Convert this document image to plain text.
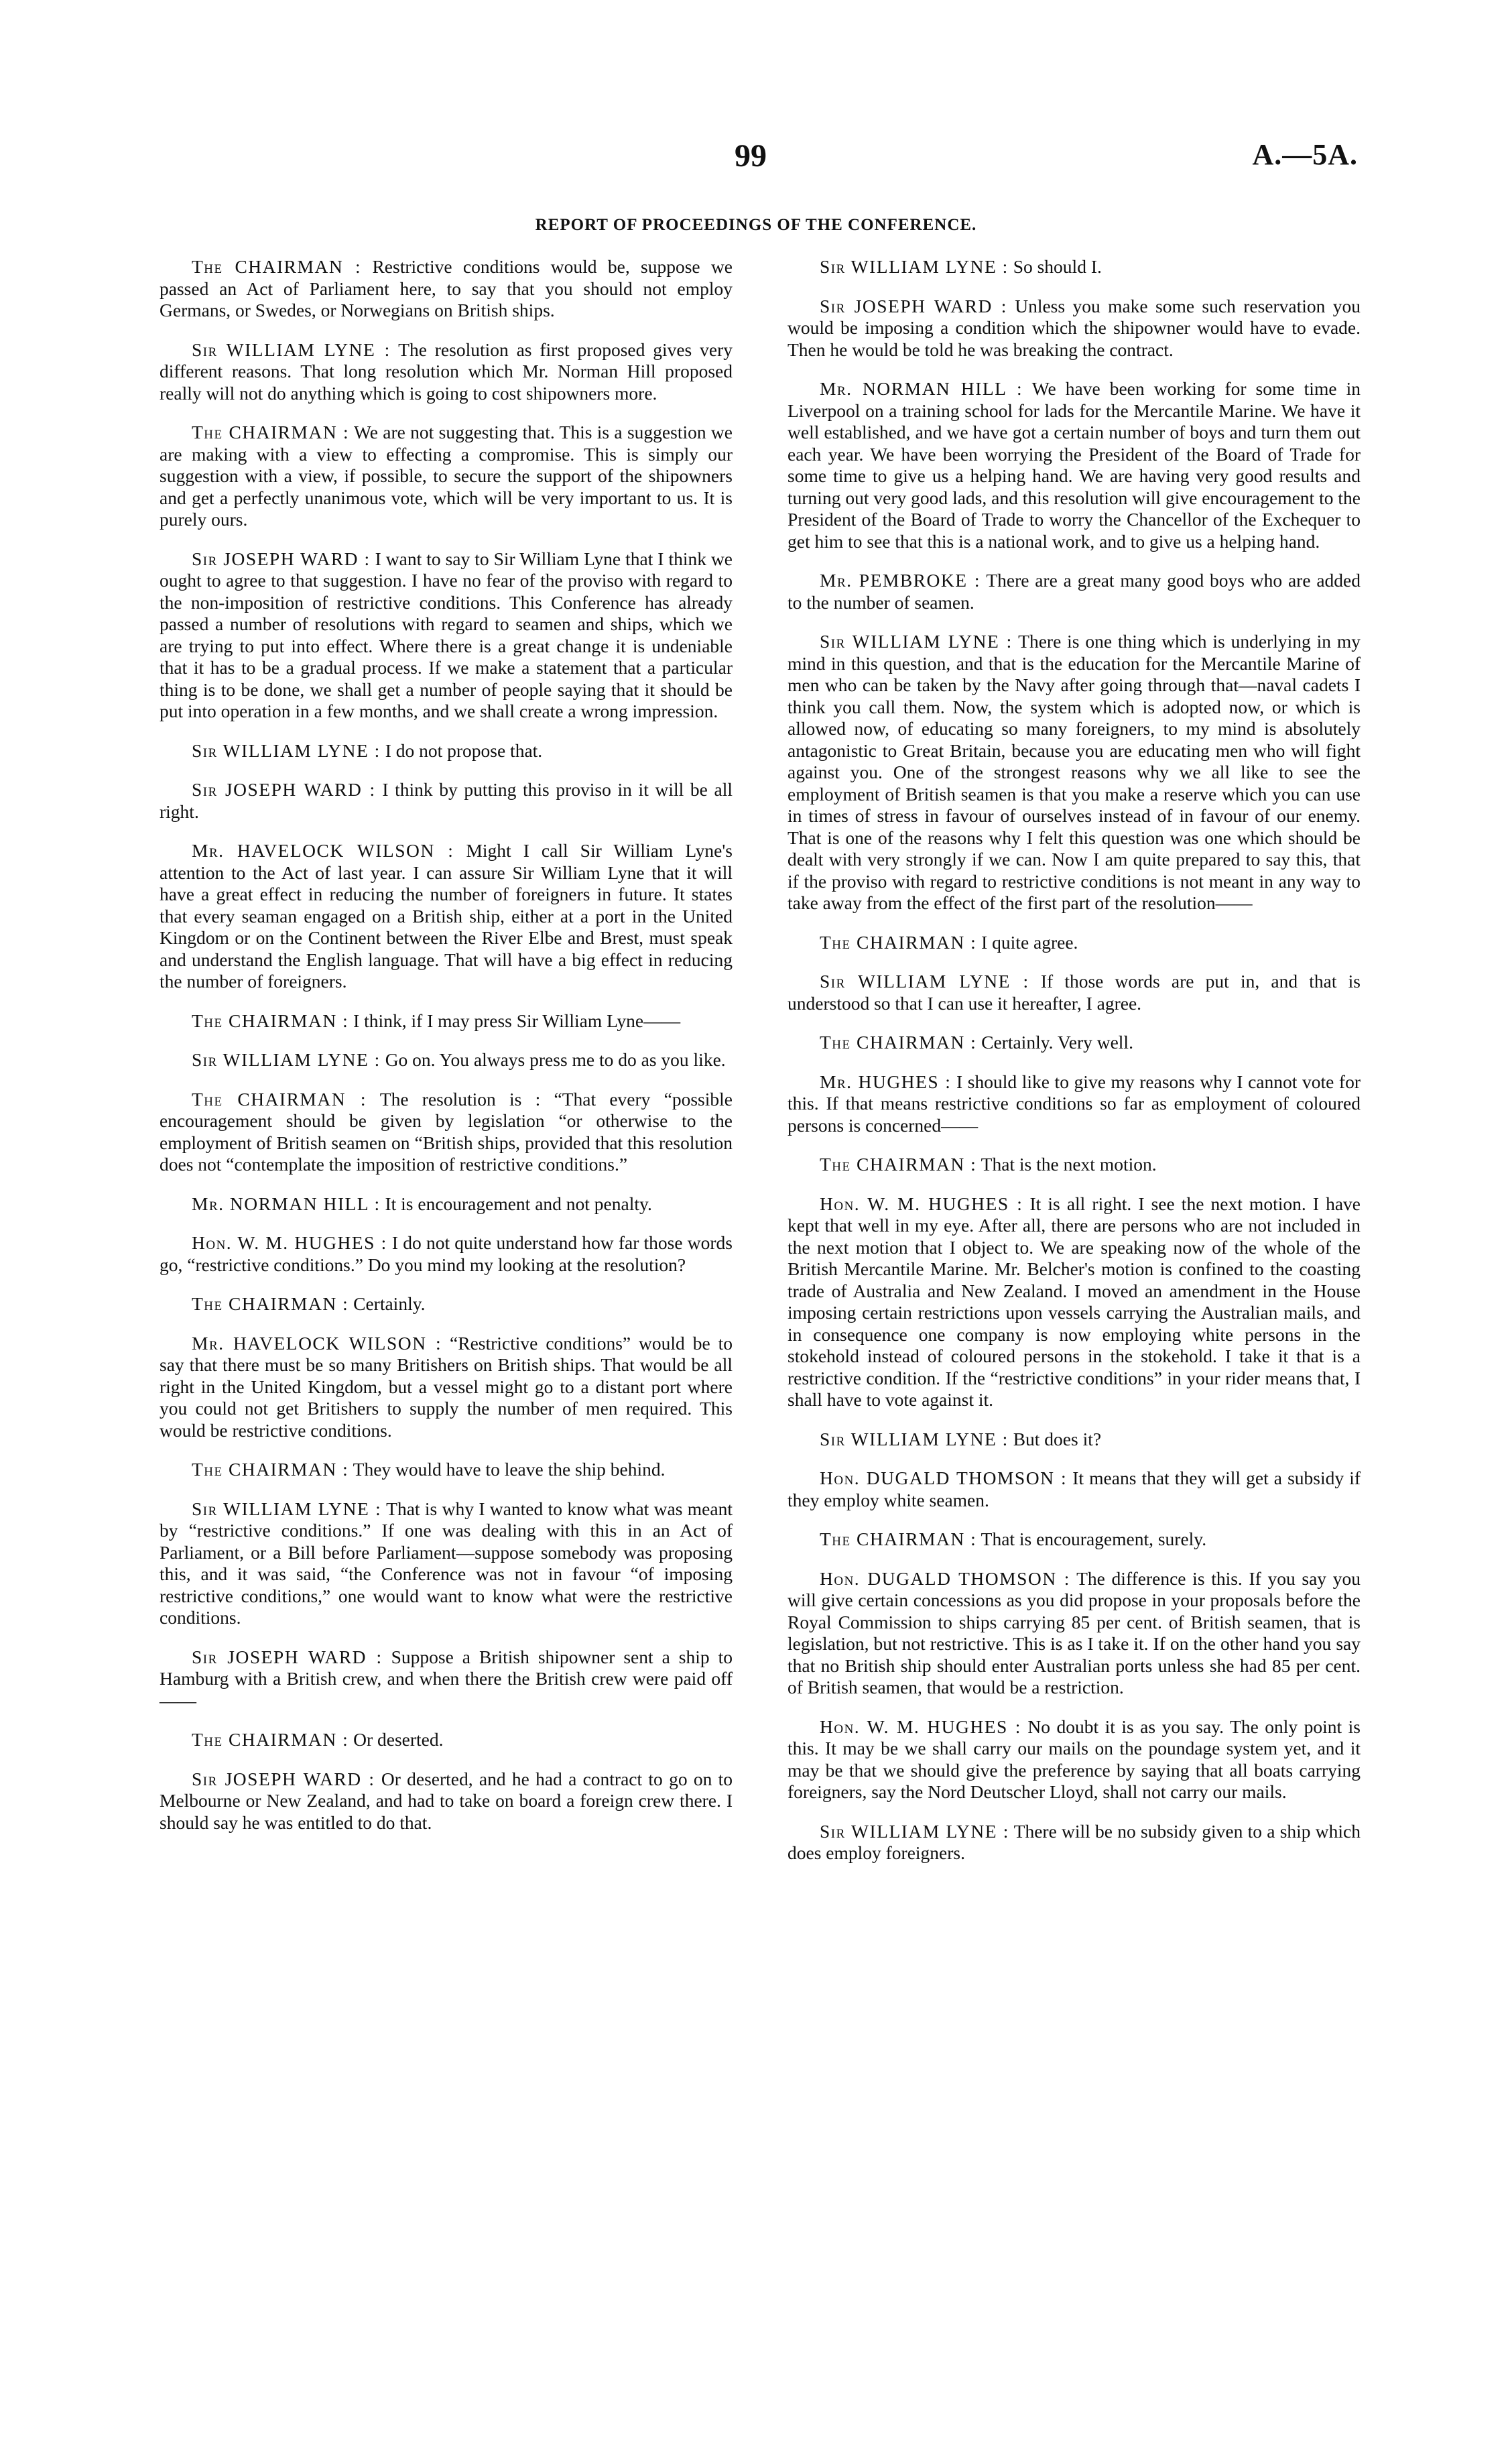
99	A.—5A.
REPORT OF PROCEEDINGS OF THE CONFERENCE.

The CHAIRMAN : Restrictive conditions would be, suppose we passed an Act of Parliament here, to say that you should not employ Germans, or Swedes, or Norwegians on British ships.

Sir WILLIAM LYNE : The resolution as first proposed gives very different reasons. That long resolution which Mr. Norman Hill proposed really will not do anything which is going to cost shipowners more.

The CHAIRMAN : We are not suggesting that. This is a suggestion we are making with a view to effecting a compromise. This is simply our suggestion with a view, if possible, to secure the support of the shipowners and get a perfectly unanimous vote, which will be very important to us. It is purely ours.

Sir JOSEPH WARD : I want to say to Sir William Lyne that I think we ought to agree to that suggestion. I have no fear of the proviso with regard to the non-imposition of restrictive conditions. This Conference has already passed a number of resolutions with regard to seamen and ships, which we are trying to put into effect. Where there is a great change it is undeniable that it has to be a gradual process. If we make a statement that a particular thing is to be done, we shall get a number of people saying that it should be put into operation in a few months, and we shall create a wrong impression.

Sir WILLIAM LYNE : I do not propose that.

Sir JOSEPH WARD : I think by putting this proviso in it will be all right.

Mr. HAVELOCK WILSON : Might I call Sir William Lyne's attention to the Act of last year. I can assure Sir William Lyne that it will have a great effect in reducing the number of foreigners in future. It states that every seaman engaged on a British ship, either at a port in the United Kingdom or on the Continent between the River Elbe and Brest, must speak and understand the English language. That will have a big effect in reducing the number of foreigners.

The CHAIRMAN : I think, if I may press Sir William Lyne——

Sir WILLIAM LYNE : Go on. You always press me to do as you like.

The CHAIRMAN : The resolution is : “That every “possible encouragement should be given by legislation “or otherwise to the employment of British seamen on “British ships, provided that this resolution does not “contemplate the imposition of restrictive conditions.”

Mr. NORMAN HILL : It is encouragement and not penalty.

Hon. W. M. HUGHES : I do not quite understand how far those words go, “restrictive conditions.” Do you mind my looking at the resolution?

The CHAIRMAN : Certainly.

Mr. HAVELOCK WILSON : “Restrictive conditions” would be to say that there must be so many Britishers on British ships. That would be all right in the United Kingdom, but a vessel might go to a distant port where you could not get Britishers to supply the number of men required. This would be restrictive conditions.

The CHAIRMAN : They would have to leave the ship behind.

Sir WILLIAM LYNE : That is why I wanted to know what was meant by “restrictive conditions.” If one was dealing with this in an Act of Parliament, or a Bill before Parliament—suppose somebody was proposing this, and it was said, “the Conference was not in favour “of imposing restrictive conditions,” one would want to know what were the restrictive conditions.

Sir JOSEPH WARD : Suppose a British shipowner sent a ship to Hamburg with a British crew, and when there the British crew were paid off——

The CHAIRMAN : Or deserted.

Sir JOSEPH WARD : Or deserted, and he had a contract to go on to Melbourne or New Zealand, and had to take on board a foreign crew there. I should say he was entitled to do that.

Sir WILLIAM LYNE : So should I.

Sir JOSEPH WARD : Unless you make some such reservation you would be imposing a condition which the shipowner would have to evade. Then he would be told he was breaking the contract.

Mr. NORMAN HILL : We have been working for some time in Liverpool on a training school for lads for the Mercantile Marine. We have it well established, and we have got a certain number of boys and turn them out each year. We have been worrying the President of the Board of Trade for some time to give us a helping hand. We are having very good results and turning out very good lads, and this resolution will give encouragement to the President of the Board of Trade to worry the Chancellor of the Exchequer to get him to see that this is a national work, and to give us a helping hand.

Mr. PEMBROKE : There are a great many good boys who are added to the number of seamen.

Sir WILLIAM LYNE : There is one thing which is underlying in my mind in this question, and that is the education for the Mercantile Marine of men who can be taken by the Navy after going through that—naval cadets I think you call them. Now, the system which is adopted now, or which is allowed now, of educating so many foreigners, to my mind is absolutely antagonistic to Great Britain, because you are educating men who will fight against you. One of the strongest reasons why we all like to see the employment of British seamen is that you make a reserve which you can use in times of stress in favour of ourselves instead of in favour of our enemy. That is one of the reasons why I felt this question was one which should be dealt with very strongly if we can. Now I am quite prepared to say this, that if the proviso with regard to restrictive conditions is not meant in any way to take away from the effect of the first part of the resolution——

The CHAIRMAN : I quite agree.

Sir WILLIAM LYNE : If those words are put in, and that is understood so that I can use it hereafter, I agree.

The CHAIRMAN : Certainly. Very well.

Mr. HUGHES : I should like to give my reasons why I cannot vote for this. If that means restrictive conditions so far as employment of coloured persons is concerned——

The CHAIRMAN : That is the next motion.

Hon. W. M. HUGHES : It is all right. I see the next motion. I have kept that well in my eye. After all, there are persons who are not included in the next motion that I object to. We are speaking now of the whole of the British Mercantile Marine. Mr. Belcher's motion is confined to the coasting trade of Australia and New Zealand. I moved an amendment in the House imposing certain restrictions upon vessels carrying the Australian mails, and in consequence one company is now employing white persons in the stokehold instead of coloured persons in the stokehold. I take it that is a restrictive condition. If the “restrictive conditions” in your rider means that, I shall have to vote against it.

Sir WILLIAM LYNE : But does it?

Hon. DUGALD THOMSON : It means that they will get a subsidy if they employ white seamen.

The CHAIRMAN : That is encouragement, surely.

Hon. DUGALD THOMSON : The difference is this. If you say you will give certain concessions as you did propose in your proposals before the Royal Commission to ships carrying 85 per cent. of British seamen, that is legislation, but not restrictive. This is as I take it. If on the other hand you say that no British ship should enter Australian ports unless she had 85 per cent. of British seamen, that would be a restriction.

Hon. W. M. HUGHES : No doubt it is as you say. The only point is this. It may be we shall carry our mails on the poundage system yet, and it may be that we should give the preference by saying that all boats carrying foreigners, say the Nord Deutscher Lloyd, shall not carry our mails.

Sir WILLIAM LYNE : There will be no subsidy given to a ship which does employ foreigners.
